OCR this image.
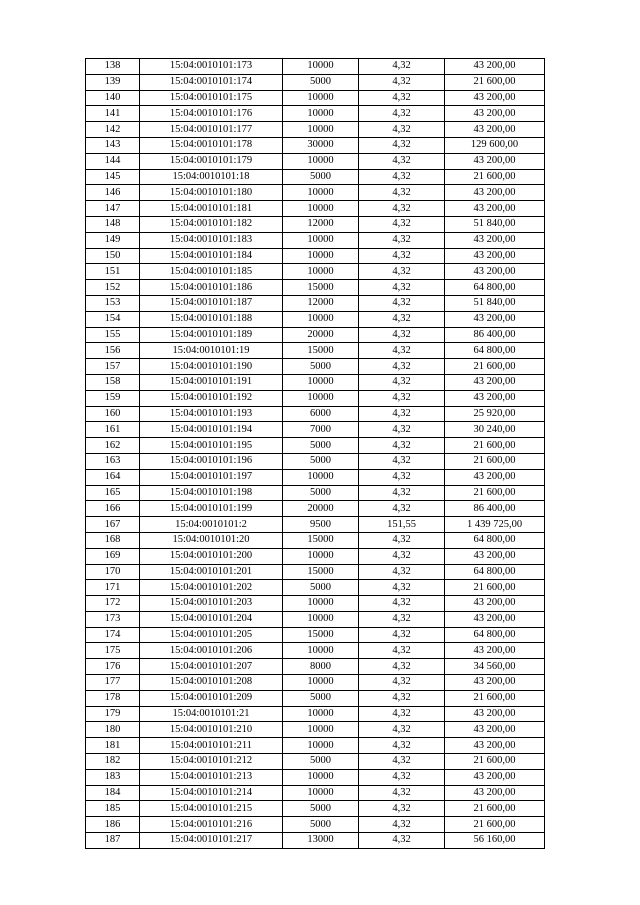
138	15:04:0010101:173	10000	4,32	43 200,00
139	15:04:0010101:174	5000	4,32	21 600,00
140	15:04:0010101:175	10000	4,32	43 200,00
141	15:04:0010101:176	10000	4,32	43 200,00
142	15:04:0010101:177	10000	4,32	43 200,00
143	15:04:0010101:178	30000	4,32	129 600,00
144	15:04:0010101:179	10000	4,32	43 200,00
145	15:04:0010101:18	5000	4,32	21 600,00
146	15:04:0010101:180	10000	4,32	43 200,00
147	15:04:0010101:181	10000	4,32	43 200,00
148	15:04:0010101:182	12000	4,32	51 840,00
149	15:04:0010101:183	10000	4,32	43 200,00
150	15:04:0010101:184	10000	4,32	43 200,00
151	15:04:0010101:185	10000	4,32	43 200,00
152	15:04:0010101:186	15000	4,32	64 800,00
153	15:04:0010101:187	12000	4,32	51 840,00
154	15:04:0010101:188	10000	4,32	43 200,00
155	15:04:0010101:189	20000	4,32	86 400,00
156	15:04:0010101:19	15000	4,32	64 800,00
157	15:04:0010101:190	5000	4,32	21 600,00
158	15:04:0010101:191	10000	4,32	43 200,00
159	15:04:0010101:192	10000	4,32	43 200,00
160	15:04:0010101:193	6000	4,32	25 920,00
161	15:04:0010101:194	7000	4,32	30 240,00
162	15:04:0010101:195	5000	4,32	21 600,00
163	15:04:0010101:196	5000	4,32	21 600,00
164	15:04:0010101:197	10000	4,32	43 200,00
165	15:04:0010101:198	5000	4,32	21 600,00
166	15:04:0010101:199	20000	4,32	86 400,00
167	15:04:0010101:2	9500	151,55	1 439 725,00
168	15:04:0010101:20	15000	4,32	64 800,00
169	15:04:0010101:200	10000	4,32	43 200,00
170	15:04:0010101:201	15000	4,32	64 800,00
171	15:04:0010101:202	5000	4,32	21 600,00
172	15:04:0010101:203	10000	4,32	43 200,00
173	15:04:0010101:204	10000	4,32	43 200,00
174	15:04:0010101:205	15000	4,32	64 800,00
175	15:04:0010101:206	10000	4,32	43 200,00
176	15:04:0010101:207	8000	4,32	34 560,00
177	15:04:0010101:208	10000	4,32	43 200,00
178	15:04:0010101:209	5000	4,32	21 600,00
179	15:04:0010101:21	10000	4,32	43 200,00
180	15:04:0010101:210	10000	4,32	43 200,00
181	15:04:0010101:211	10000	4,32	43 200,00
182	15:04:0010101:212	5000	4,32	21 600,00
183	15:04:0010101:213	10000	4,32	43 200,00
184	15:04:0010101:214	10000	4,32	43 200,00
185	15:04:0010101:215	5000	4,32	21 600,00
186	15:04:0010101:216	5000	4,32	21 600,00
187	15:04:0010101:217	13000	4,32	56 160,00
